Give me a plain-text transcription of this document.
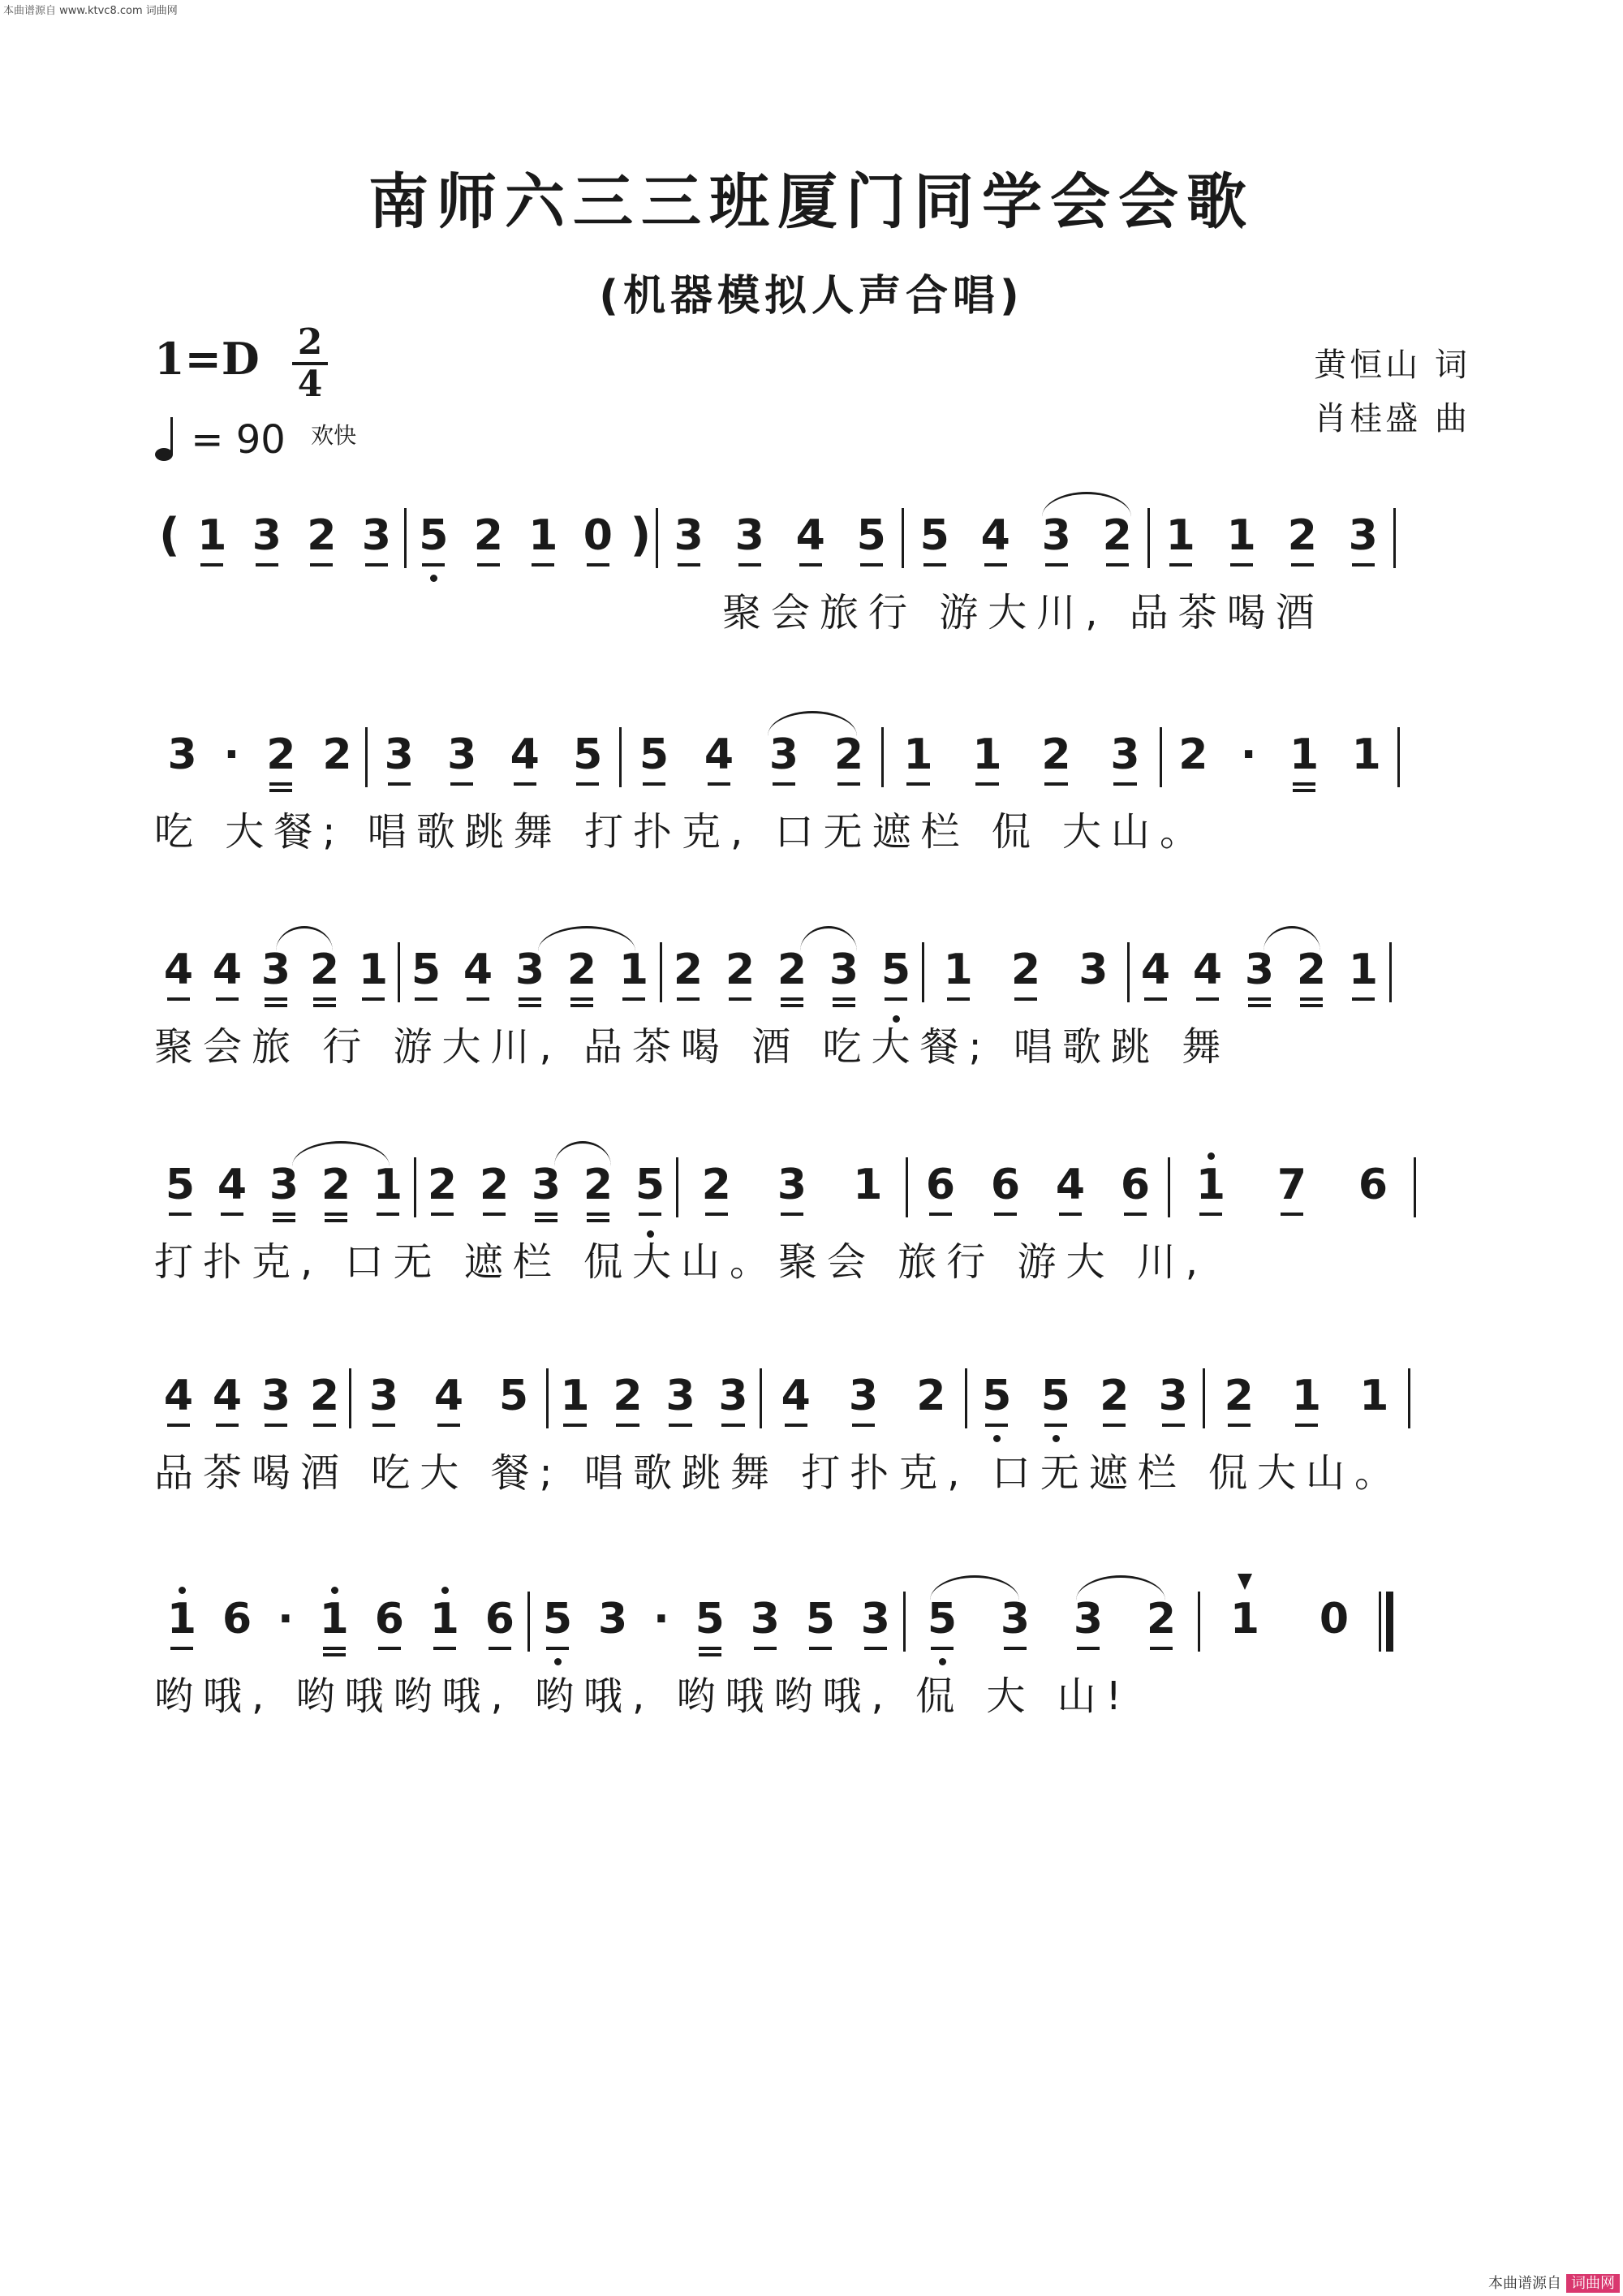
本曲谱源自 www.ktvc8.com 词曲网
南师六三三班厦门同学会会歌
(机器模拟人声合唱)
1=D 2
4
= 90 $^{欢快}$
黄恒山 词
肖桂盛 曲
( 1 3 2 3 5 2 1 0 ) 3 3 4 5 5 4 3 2 1 1 2 3
聚会旅行 游大川, 品茶喝酒
3 · 2 2 3 3 4 5 5 4 3 2 1 1 2 3 2 · 1 1
吃 大餐; 唱歌跳舞 打扑克, 口无遮栏 侃 大山。
4 4 3 2 1 5 4 3 2 1 2 2 2 3 5 1 2 3 4 4 3 2 1
聚会旅 行 游大川, 品茶喝 酒 吃大餐; 唱歌跳 舞
5 4 3 2 1 2 2 3 2 5 2 3 1 6 6 4 6 1 7 6
打扑克, 口无 遮栏 侃大山。聚会 旅行 游大 川,
4 4 3 2 3 4 5 1 2 3 3 4 3 2 5 5 2 3 2 1 1
品茶喝酒 吃大 餐; 唱歌跳舞 打扑克, 口无遮栏 侃大山。
1 6 · 1 6 1 6 5 3 · 5 3 5 3 5 3 3 2 1 0
哟哦, 哟哦哟哦, 哟哦, 哟哦哟哦, 侃 大 山!
本曲谱源自 词曲网
